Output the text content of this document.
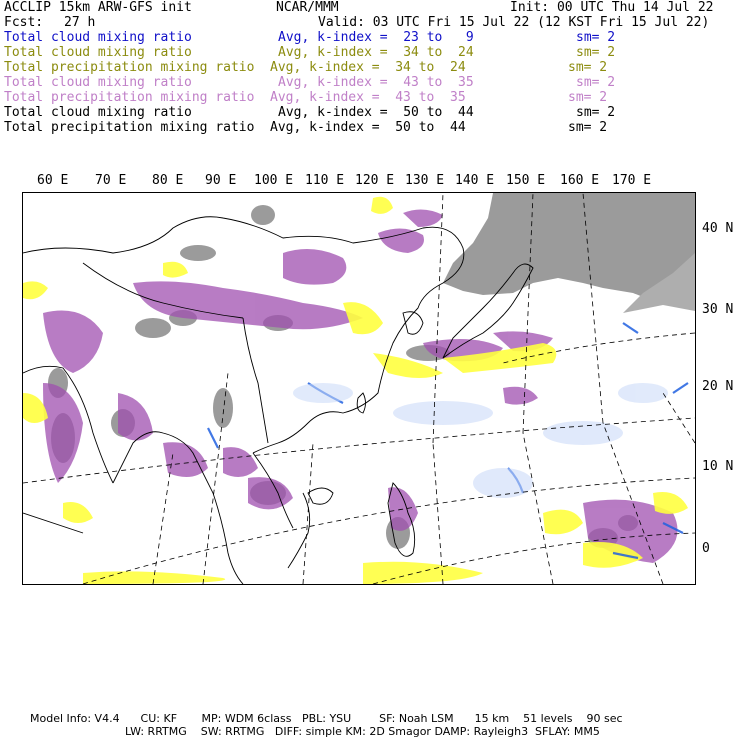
ACCLIP 15km ARW-GFS init	NCAR/MMM	Init: 00 UTC Thu 14 Jul 22
Fcst: 27 h	Valid: 03 UTC Fri 15 Jul 22 (12 KST Fri 15 Jul 22)
Total cloud mixing ratio	Avg, k-index =  23 to   9	sm= 2
Total cloud mixing ratio	Avg, k-index =  34 to  24	sm= 2
Total precipitation mixing ratio Avg, k-index =  34 to  24	sm= 2
Total cloud mixing ratio	Avg, k-index =  43 to  35	sm= 2
Total precipitation mixing ratio Avg, k-index =  43 to  35	sm= 2
Total cloud mixing ratio	Avg, k-index =  50 to  44	sm= 2
Total precipitation mixing ratio Avg, k-index =  50 to  44	sm= 2
60 E 70 E 80 E 90 E 100 E 110 E 120 E 130 E 140 E 150 E 160 E 170 E
40 N
30 N
20 N
10 N
0
Model Info: V4.4      CU: KF       MP: WDM 6class   PBL: YSU        SF: Noah LSM      15 km    51 levels    90 sec
LW: RRTMG    SW: RRTMG   DIFF: simple KM: 2D Smagor DAMP: Rayleigh3  SFLAY: MM5
